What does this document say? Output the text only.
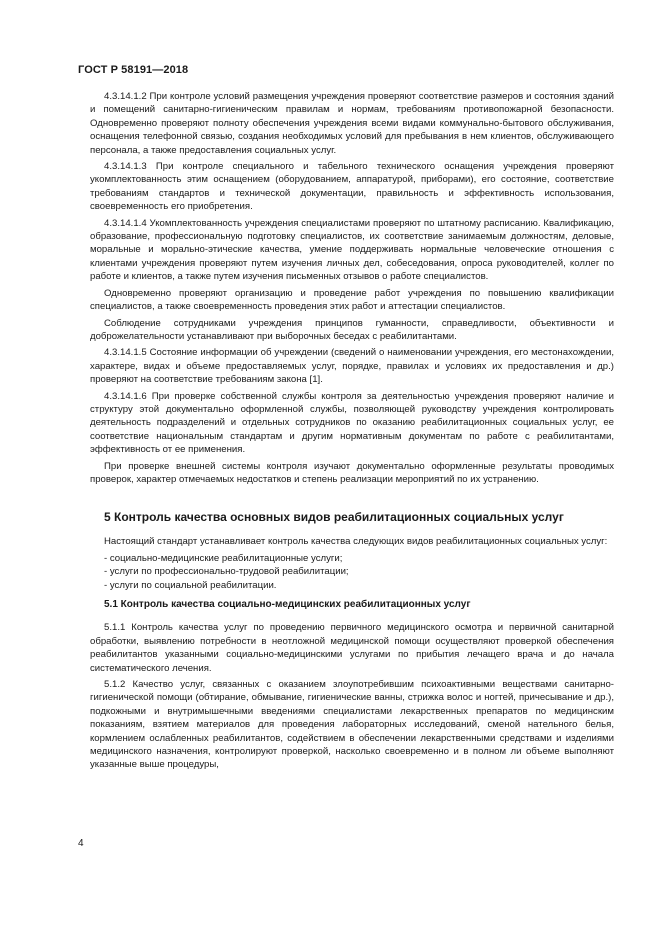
ГОСТ Р 58191—2018

4.3.14.1.2 При контроле условий размещения учреждения проверяют соответствие размеров и состояния зданий и помещений санитарно-гигиеническим правилам и нормам, требованиям противопожарной безопасности. Одновременно проверяют полноту обеспечения учреждения всеми видами коммунально-бытового обслуживания, оснащения телефонной связью, создания необходимых условий для пребывания в нем клиентов, обслуживающего персонала, а также предоставления социальных услуг.

4.3.14.1.3 При контроле специального и табельного технического оснащения учреждения проверяют укомплектованность этим оснащением (оборудованием, аппаратурой, приборами), его состояние, соответствие требованиям стандартов и технической документации, правильность и эффективность использования, своевременность его приобретения.

4.3.14.1.4 Укомплектованность учреждения специалистами проверяют по штатному расписанию. Квалификацию, образование, профессиональную подготовку специалистов, их соответствие занимаемым должностям, деловые, моральные и морально-этические качества, умение поддерживать нормальные человеческие отношения с клиентами учреждения проверяют путем изучения личных дел, собеседования, опроса руководителей, коллег по работе и клиентов, а также путем изучения письменных отзывов о работе специалистов.

Одновременно проверяют организацию и проведение работ учреждения по повышению квалификации специалистов, а также своевременность проведения этих работ и аттестации специалистов.

Соблюдение сотрудниками учреждения принципов гуманности, справедливости, объективности и доброжелательности устанавливают при выборочных беседах с реабилитантами.

4.3.14.1.5 Состояние информации об учреждении (сведений о наименовании учреждения, его местонахождении, характере, видах и объеме предоставляемых услуг, порядке, правилах и условиях их предоставления и др.) проверяют на соответствие требованиям закона [1].

4.3.14.1.6 При проверке собственной службы контроля за деятельностью учреждения проверяют наличие и структуру этой документально оформленной службы, позволяющей руководству учреждения контролировать деятельность подразделений и отдельных сотрудников по оказанию реабилитационных социальных услуг, ее соответствие национальным стандартам и другим нормативным документам по работе с реабилитантами, эффективность от ее применения.

При проверке внешней системы контроля изучают документально оформленные результаты проводимых проверок, характер отмечаемых недостатков и степень реализации мероприятий по их устранению.

5 Контроль качества основных видов реабилитационных социальных услуг

Настоящий стандарт устанавливает контроль качества следующих видов реабилитационных социальных услуг:

- социально-медицинские реабилитационные услуги;
- услуги по профессионально-трудовой реабилитации;
- услуги по социальной реабилитации.
5.1 Контроль качества социально-медицинских реабилитационных услуг

5.1.1 Контроль качества услуг по проведению первичного медицинского осмотра и первичной санитарной обработки, выявлению потребности в неотложной медицинской помощи осуществляют проверкой обеспечения реабилитантов указанными социально-медицинскими услугами по прибытия лечащего врача и до начала систематического лечения.

5.1.2 Качество услуг, связанных с оказанием злоупотребившим психоактивными веществами санитарно-гигиенической помощи (обтирание, обмывание, гигиенические ванны, стрижка волос и ногтей, причесывание и др.), подкожными и внутримышечными введениями специалистами лекарственных препаратов по медицинским показаниям, взятием материалов для проведения лабораторных исследований, сменой нательного белья, кормлением ослабленных реабилитантов, содействием в обеспечении лекарственными средствами и изделиями медицинского назначения, контролируют проверкой, насколько своевременно и в полном ли объеме выполняют указанные выше процедуры,

4
